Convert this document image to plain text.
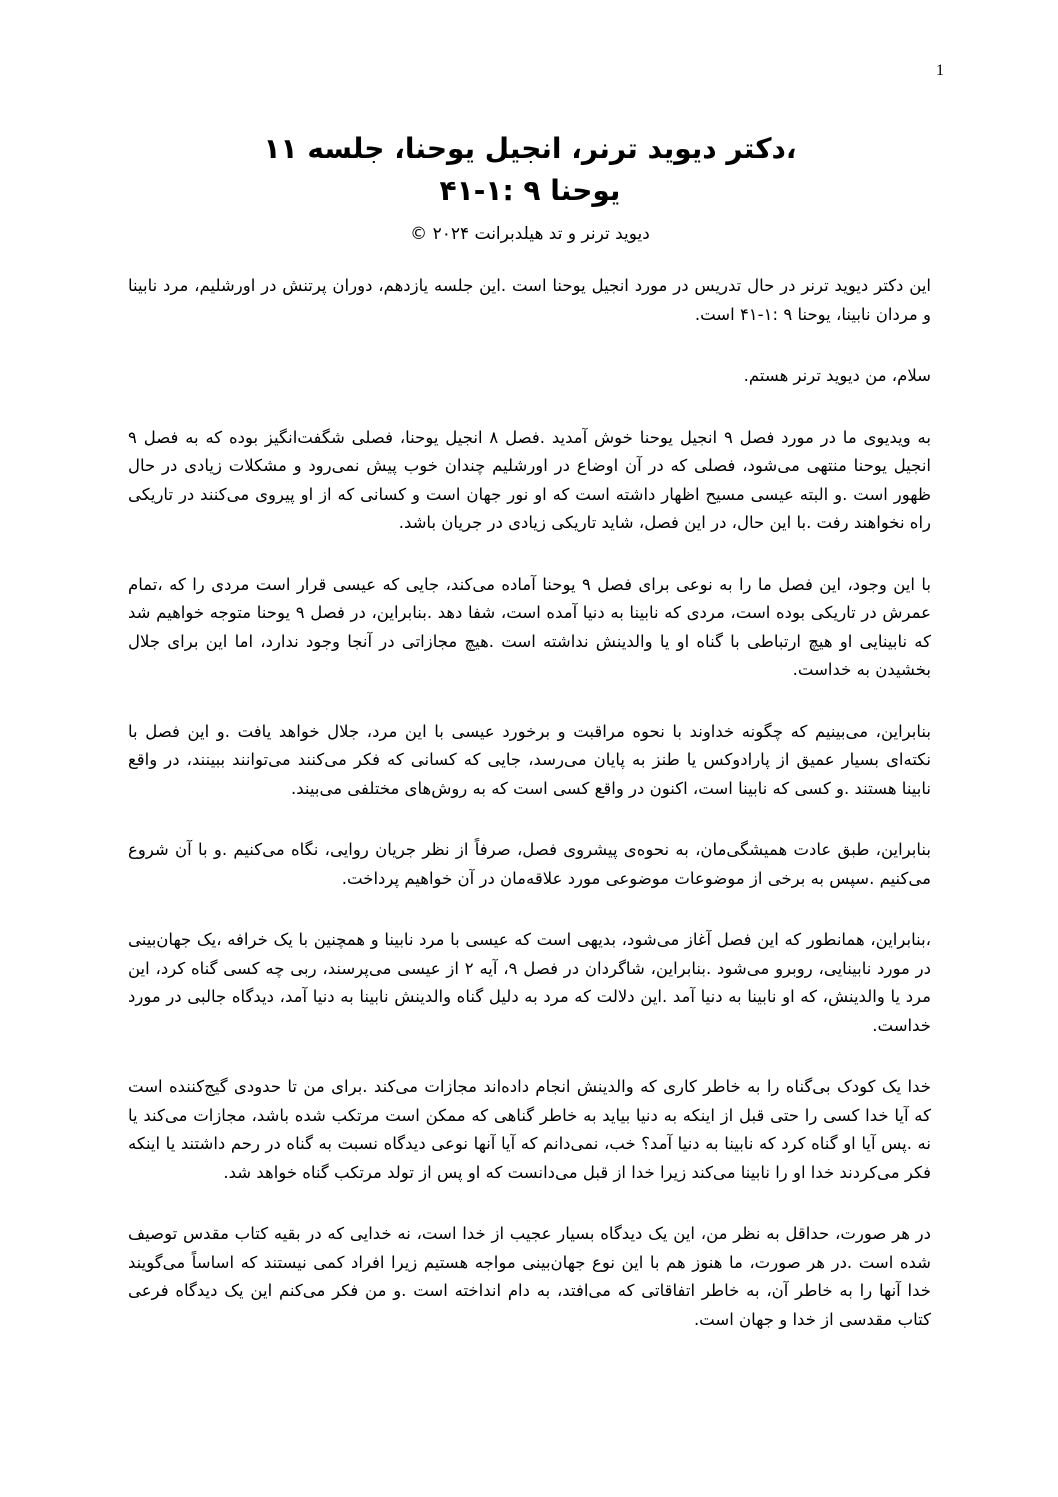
1
،دکتر دیوید ترنر، انجیل یوحنا، جلسه ۱۱
یوحنا ۹ :۱-۴۱
دیوید ترنر و تد هیلدبرانت ۲۰۲۴ ©

این دکتر دیوید ترنر در حال تدریس در مورد انجیل یوحنا است .این جلسه یازدهم، دوران پرتنش در اورشلیم، مرد نابینا و مردان نابینا، یوحنا ۹ :۱-۴۱ است.

سلام، من دیوید ترنر هستم.

به ویدیوی ما در مورد فصل ۹ انجیل یوحنا خوش آمدید .فصل ۸ انجیل یوحنا، فصلی شگفت‌انگیز بوده که به فصل ۹ انجیل یوحنا منتهی می‌شود، فصلی که در آن اوضاع در اورشلیم چندان خوب پیش نمی‌رود و مشکلات زیادی در حال ظهور است .و البته عیسی مسیح اظهار داشته است که او نور جهان است و کسانی که از او پیروی می‌کنند در تاریکی راه نخواهند رفت .با این حال، در این فصل، شاید تاریکی زیادی در جریان باشد.

با این وجود، این فصل ما را به نوعی برای فصل ۹ یوحنا آماده می‌کند، جایی که عیسی قرار است مردی را که ،تمام عمرش در تاریکی بوده است، مردی که نابینا به دنیا آمده است، شفا دهد .بنابراین، در فصل ۹ یوحنا متوجه خواهیم شد که نابینایی او هیچ ارتباطی با گناه او یا والدینش نداشته است .هیچ مجازاتی در آنجا وجود ندارد، اما این برای جلال بخشیدن به خداست.

بنابراین، می‌بینیم که چگونه خداوند با نحوه مراقبت و برخورد عیسی با این مرد، جلال خواهد یافت .و این فصل با نکته‌ای بسیار عمیق از پارادوکس یا طنز به پایان می‌رسد، جایی که کسانی که فکر می‌کنند می‌توانند ببینند، در واقع نابینا هستند .و کسی که نابینا است، اکنون در واقع کسی است که به روش‌های مختلفی می‌بیند.

بنابراین، طبق عادت همیشگی‌مان، به نحوه‌ی پیشروی فصل، صرفاً از نظر جریان روایی، نگاه می‌کنیم .و با آن شروع می‌کنیم .سپس به برخی از موضوعات موضوعی مورد علاقه‌مان در آن خواهیم پرداخت.

،بنابراین، همانطور که این فصل آغاز می‌شود، بدیهی است که عیسی با مرد نابینا و همچنین با یک خرافه ،یک جهان‌بینی در مورد نابینایی، روبرو می‌شود .بنابراین، شاگردان در فصل ۹، آیه ۲ از عیسی می‌پرسند، ربی چه کسی گناه کرد، این مرد یا والدینش، که او نابینا به دنیا آمد .این دلالت که مرد به دلیل گناه والدینش نابینا به دنیا آمد، دیدگاه جالبی در مورد خداست.

خدا یک کودک بی‌گناه را به خاطر کاری که والدینش انجام داده‌اند مجازات می‌کند .برای من تا حدودی گیج‌کننده است که آیا خدا کسی را حتی قبل از اینکه به دنیا بیاید به خاطر گناهی که ممکن است مرتکب شده باشد، مجازات می‌کند یا نه .پس آیا او گناه کرد که نابینا به دنیا آمد؟ خب، نمی‌دانم که آیا آنها نوعی دیدگاه نسبت به گناه در رحم داشتند یا اینکه فکر می‌کردند خدا او را نابینا می‌کند زیرا خدا از قبل می‌دانست که او پس از تولد مرتکب گناه خواهد شد.

در هر صورت، حداقل به نظر من، این یک دیدگاه بسیار عجیب از خدا است، نه خدایی که در بقیه کتاب مقدس توصیف شده است .در هر صورت، ما هنوز هم با این نوع جهان‌بینی مواجه هستیم زیرا افراد کمی نیستند که اساساً می‌گویند خدا آنها را به خاطر آن، به خاطر اتفاقاتی که می‌افتد، به دام انداخته است .و من فکر می‌کنم این یک دیدگاه فرعی کتاب مقدسی از خدا و جهان است.
